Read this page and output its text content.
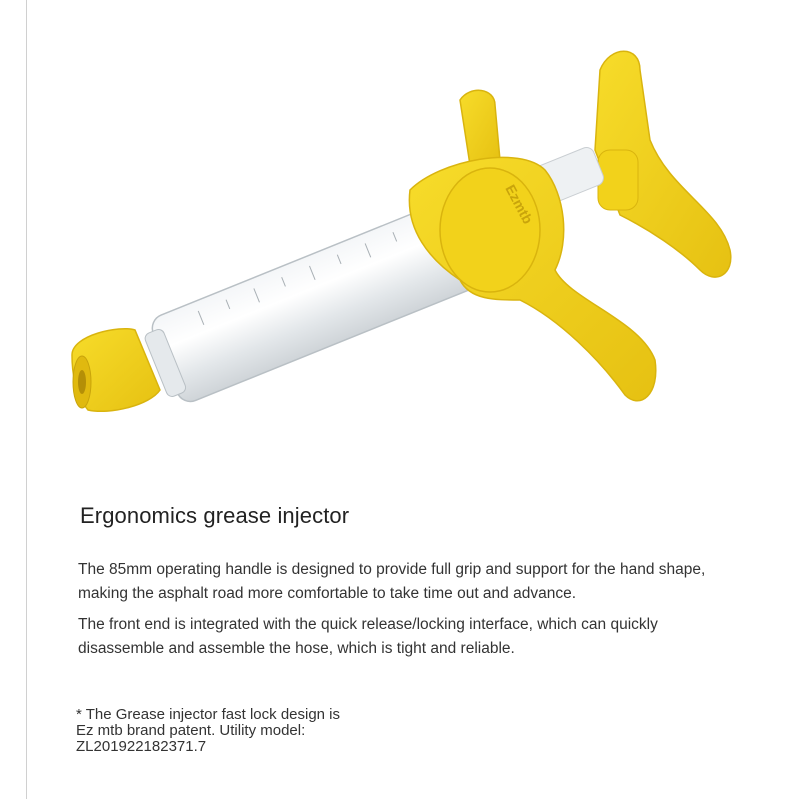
Ezmtb
Ergonomics grease injector

The 85mm operating handle is designed to provide full grip and support for the hand shape, making the asphalt road more comfortable to take time out and advance.

The front end is integrated with the quick release/locking interface, which can quickly disassemble and assemble the hose, which is tight and reliable.

* The Grease injector fast lock design is
Ez mtb brand patent. Utility model:
ZL201922182371.7
